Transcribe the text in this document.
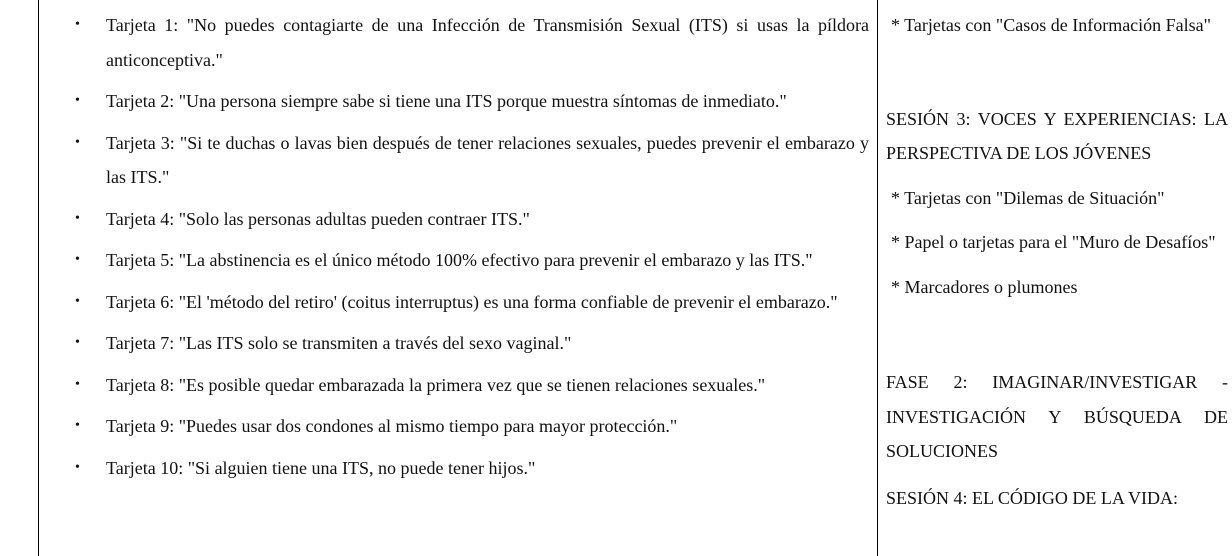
• Tarjeta 1: "No puedes contagiarte de una Infección de Transmisión Sexual (ITS) si usas la píldora anticonceptiva."
• Tarjeta 2: "Una persona siempre sabe si tiene una ITS porque muestra síntomas de inmediato."
• Tarjeta 3: "Si te duchas o lavas bien después de tener relaciones sexuales, puedes prevenir el embarazo y las ITS."
• Tarjeta 4: "Solo las personas adultas pueden contraer ITS."
• Tarjeta 5: "La abstinencia es el único método 100% efectivo para prevenir el embarazo y las ITS."
• Tarjeta 6: "El 'método del retiro' (coitus interruptus) es una forma confiable de prevenir el embarazo."
• Tarjeta 7: "Las ITS solo se transmiten a través del sexo vaginal."
• Tarjeta 8: "Es posible quedar embarazada la primera vez que se tienen relaciones sexuales."
• Tarjeta 9: "Puedes usar dos condones al mismo tiempo para mayor protección."
• Tarjeta 10: "Si alguien tiene una ITS, no puede tener hijos."
* Tarjetas con "Casos de Información Falsa"
SESIÓN 3: VOCES Y EXPERIENCIAS: LA PERSPECTIVA DE LOS JÓVENES
* Tarjetas con "Dilemas de Situación"
* Papel o tarjetas para el "Muro de Desafíos"
* Marcadores o plumones
FASE 2: IMAGINAR/INVESTIGAR - INVESTIGACIÓN Y BÚSQUEDA DE SOLUCIONES
SESIÓN 4: EL CÓDIGO DE LA VIDA:
